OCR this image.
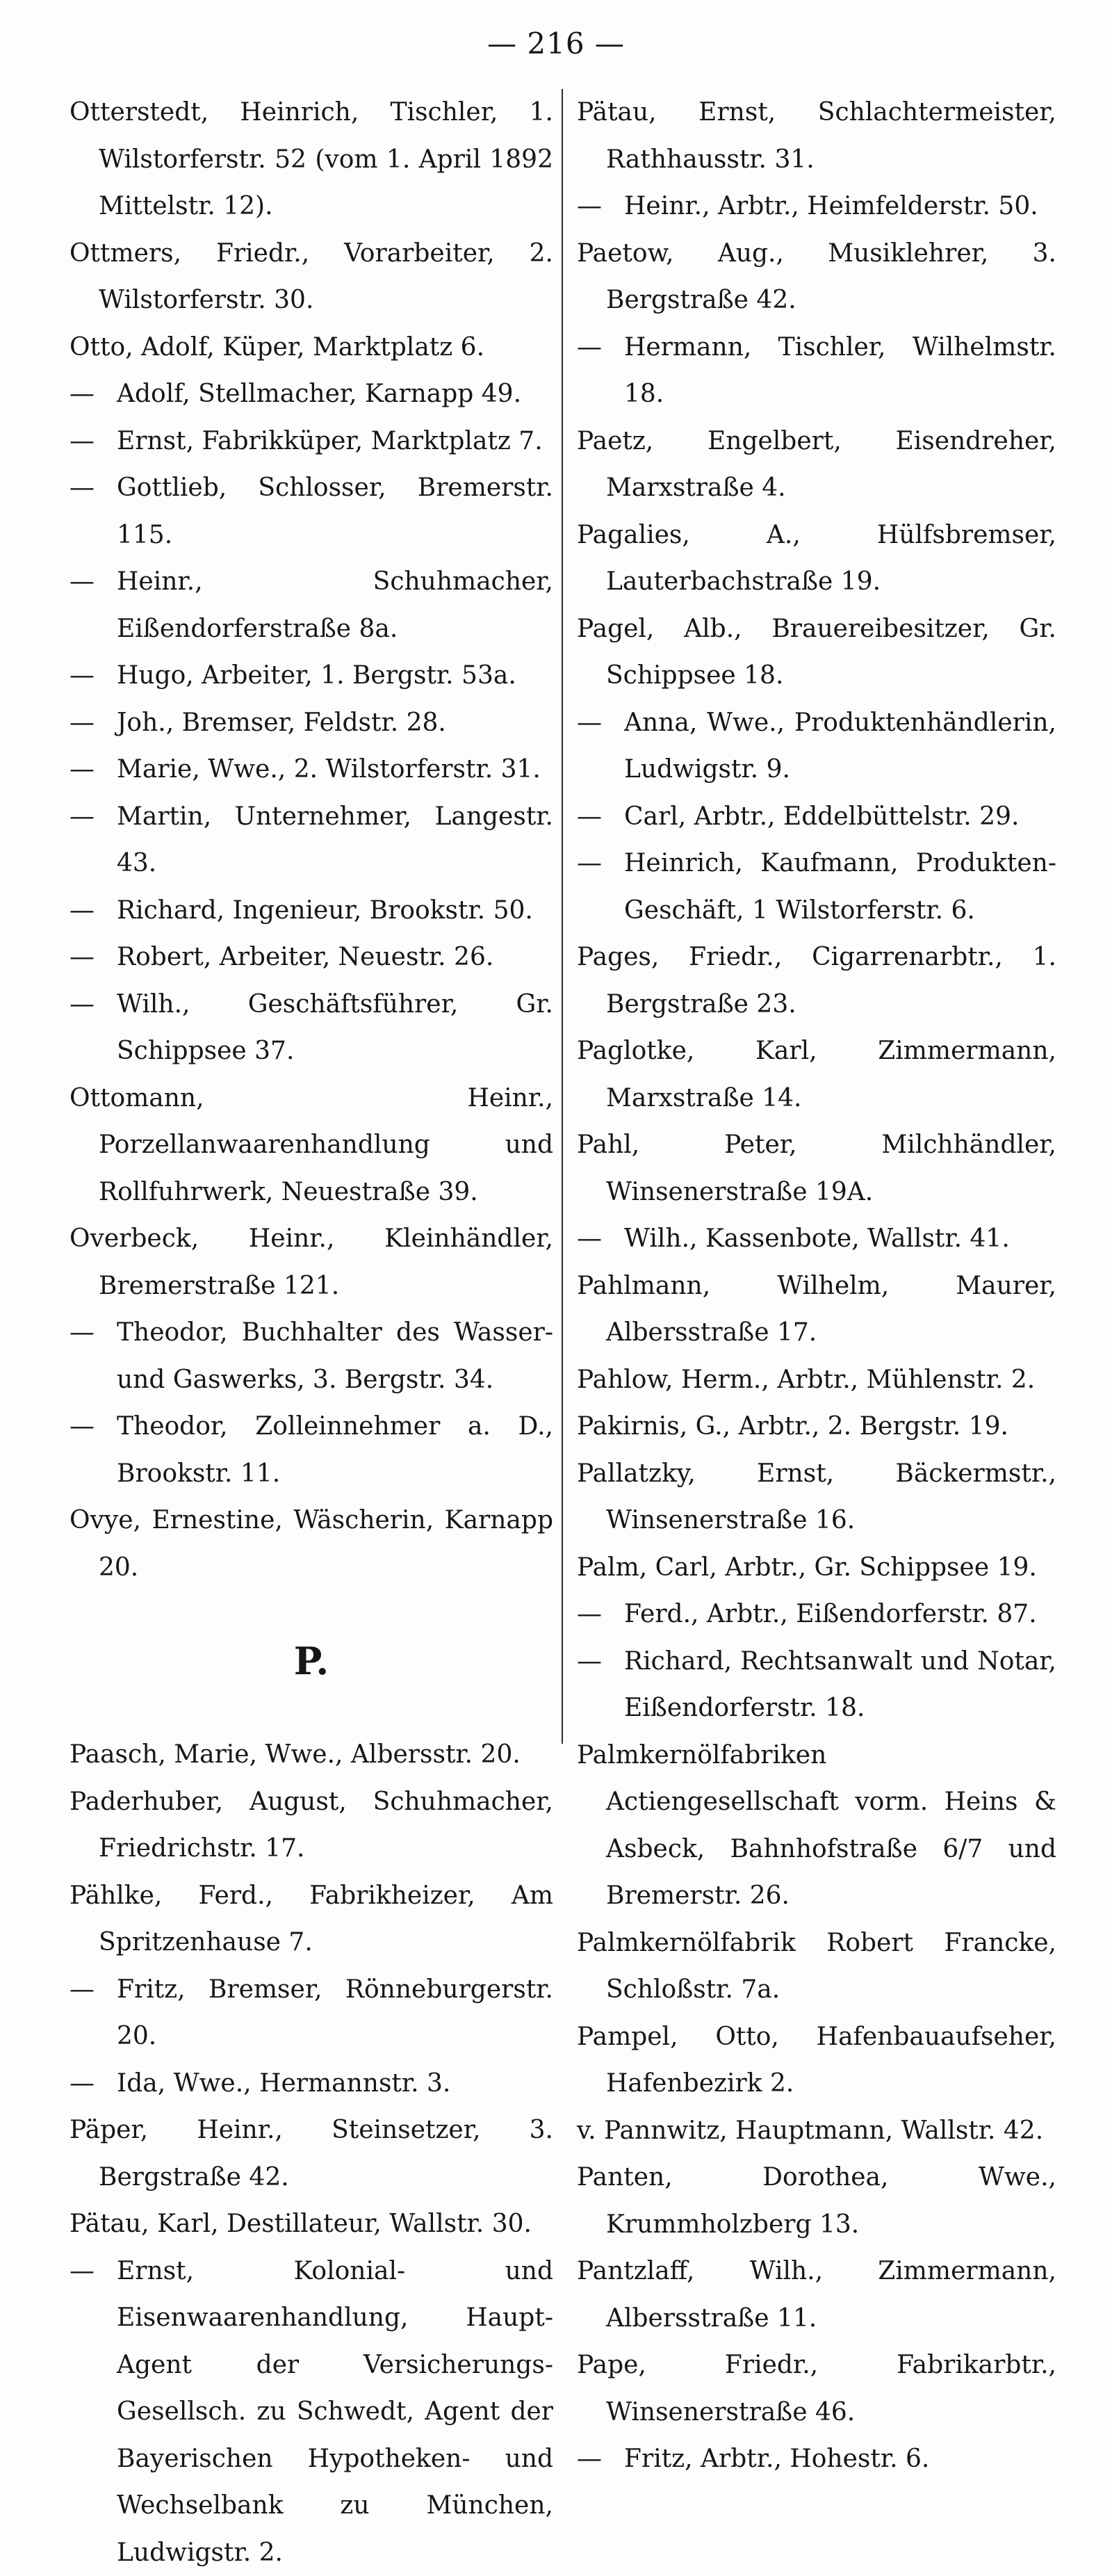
— 216 —

Otterstedt, Heinrich, Tischler, 1. Wilstorferstr. 52 (vom 1. April 1892 Mittelstr. 12).

Ottmers, Friedr., Vorarbeiter, 2. Wilstorferstr. 30.

Otto, Adolf, Küper, Marktplatz 6.

— Adolf, Stellmacher, Karnapp 49.

— Ernst, Fabrikküper, Marktplatz 7.

— Gottlieb, Schlosser, Bremerstr. 115.

— Heinr., Schuhmacher, Eißendorferstraße 8a.

— Hugo, Arbeiter, 1. Bergstr. 53a.

— Joh., Bremser, Feldstr. 28.

— Marie, Wwe., 2. Wilstorferstr. 31.

— Martin, Unternehmer, Langestr. 43.

— Richard, Ingenieur, Brookstr. 50.

— Robert, Arbeiter, Neuestr. 26.

— Wilh., Geschäftsführer, Gr. Schippsee 37.

Ottomann, Heinr., Porzellanwaarenhandlung und Rollfuhrwerk, Neuestraße 39.

Overbeck, Heinr., Kleinhändler, Bremerstraße 121.

— Theodor, Buchhalter des Wasser- und Gaswerks, 3. Bergstr. 34.

— Theodor, Zolleinnehmer a. D., Brookstr. 11.

Ovye, Ernestine, Wäscherin, Karnapp 20.

P.

Paasch, Marie, Wwe., Albersstr. 20.

Paderhuber, August, Schuhmacher, Friedrichstr. 17.

Pählke, Ferd., Fabrikheizer, Am Spritzenhause 7.

— Fritz, Bremser, Rönneburgerstr. 20.

— Ida, Wwe., Hermannstr. 3.

Päper, Heinr., Steinsetzer, 3. Bergstraße 42.

Pätau, Karl, Destillateur, Wallstr. 30.

— Ernst, Kolonial- und Eisenwaarenhandlung, Haupt-Agent der Versicherungs-Gesellsch. zu Schwedt, Agent der Bayerischen Hypotheken- und Wechselbank zu München, Ludwigstr. 2.

Pätau, Ernst, Schlachtermeister, Rathhausstr. 31.

— Heinr., Arbtr., Heimfelderstr. 50.

Paetow, Aug., Musiklehrer, 3. Bergstraße 42.

— Hermann, Tischler, Wilhelmstr. 18.

Paetz, Engelbert, Eisendreher, Marxstraße 4.

Pagalies, A., Hülfsbremser, Lauterbachstraße 19.

Pagel, Alb., Brauereibesitzer, Gr. Schippsee 18.

— Anna, Wwe., Produktenhändlerin, Ludwigstr. 9.

— Carl, Arbtr., Eddelbüttelstr. 29.

— Heinrich, Kaufmann, Produkten-Geschäft, 1 Wilstorferstr. 6.

Pages, Friedr., Cigarrenarbtr., 1. Bergstraße 23.

Paglotke, Karl, Zimmermann, Marxstraße 14.

Pahl, Peter, Milchhändler, Winsenerstraße 19A.

— Wilh., Kassenbote, Wallstr. 41.

Pahlmann, Wilhelm, Maurer, Albersstraße 17.

Pahlow, Herm., Arbtr., Mühlenstr. 2.

Pakirnis, G., Arbtr., 2. Bergstr. 19.

Pallatzky, Ernst, Bäckermstr., Winsenerstraße 16.

Palm, Carl, Arbtr., Gr. Schippsee 19.

— Ferd., Arbtr., Eißendorferstr. 87.

— Richard, Rechtsanwalt und Notar, Eißendorferstr. 18.

Palmkernölfabriken Actiengesellschaft vorm. Heins & Asbeck, Bahnhofstraße 6/7 und Bremerstr. 26.

Palmkernölfabrik Robert Francke, Schloßstr. 7a.

Pampel, Otto, Hafenbauaufseher, Hafenbezirk 2.

v. Pannwitz, Hauptmann, Wallstr. 42.

Panten, Dorothea, Wwe., Krummholzberg 13.

Pantzlaff, Wilh., Zimmermann, Albersstraße 11.

Pape, Friedr., Fabrikarbtr., Winsenerstraße 46.

— Fritz, Arbtr., Hohestr. 6.
